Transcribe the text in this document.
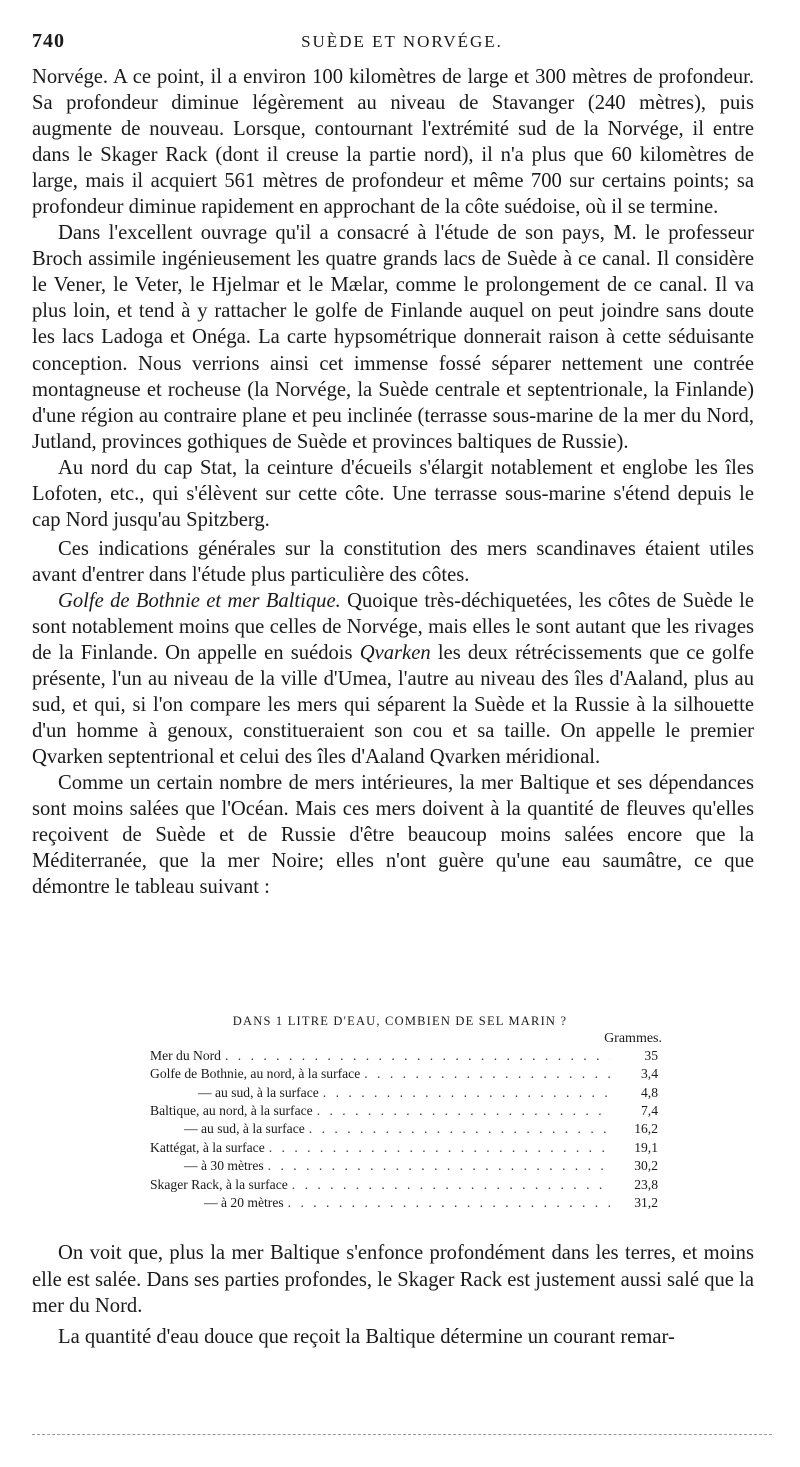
740	SUÈDE ET NORVÉGE.

Norvége. A ce point, il a environ 100 kilomètres de large et 300 mètres de profondeur. Sa profondeur diminue légèrement au niveau de Stavanger (240 mètres), puis augmente de nouveau. Lorsque, contournant l'extrémité sud de la Norvége, il entre dans le Skager Rack (dont il creuse la partie nord), il n'a plus que 60 kilomètres de large, mais il acquiert 561 mètres de profondeur et même 700 sur certains points; sa profondeur diminue rapidement en approchant de la côte suédoise, où il se termine.

Dans l'excellent ouvrage qu'il a consacré à l'étude de son pays, M. le professeur Broch assimile ingénieusement les quatre grands lacs de Suède à ce canal. Il considère le Vener, le Veter, le Hjelmar et le Mælar, comme le prolongement de ce canal. Il va plus loin, et tend à y rattacher le golfe de Finlande auquel on peut joindre sans doute les lacs Ladoga et Onéga. La carte hypsométrique donnerait raison à cette séduisante conception. Nous verrions ainsi cet immense fossé séparer nettement une contrée montagneuse et rocheuse (la Norvége, la Suède centrale et septentrionale, la Finlande) d'une région au contraire plane et peu inclinée (terrasse sous-marine de la mer du Nord, Jutland, provinces gothiques de Suède et provinces baltiques de Russie).

Au nord du cap Stat, la ceinture d'écueils s'élargit notablement et englobe les îles Lofoten, etc., qui s'élèvent sur cette côte. Une terrasse sous-marine s'étend depuis le cap Nord jusqu'au Spitzberg.

Ces indications générales sur la constitution des mers scandinaves étaient utiles avant d'entrer dans l'étude plus particulière des côtes.

Golfe de Bothnie et mer Baltique. Quoique très-déchiquetées, les côtes de Suède le sont notablement moins que celles de Norvége, mais elles le sont autant que les rivages de la Finlande. On appelle en suédois Qvarken les deux rétrécissements que ce golfe présente, l'un au niveau de la ville d'Umea, l'autre au niveau des îles d'Aaland, plus au sud, et qui, si l'on compare les mers qui séparent la Suède et la Russie à la silhouette d'un homme à genoux, constitueraient son cou et sa taille. On appelle le premier Qvarken septentrional et celui des îles d'Aaland Qvarken méridional.

Comme un certain nombre de mers intérieures, la mer Baltique et ses dépendances sont moins salées que l'Océan. Mais ces mers doivent à la quantité de fleuves qu'elles reçoivent de Suède et de Russie d'être beaucoup moins salées encore que la Méditerranée, que la mer Noire; elles n'ont guère qu'une eau saumâtre, ce que démontre le tableau suivant :

DANS 1 LITRE D'EAU, COMBIEN DE SEL MARIN ?
Grammes.
Mer du Nord . . .	35
Golfe de Bothnie, au nord, à la surface . . .	3,4
— au sud, à la surface . . .	4,8
Baltique, au nord, à la surface . . .	7,4
— au sud, à la surface . . .	16,2
Kattégat, à la surface . . .	19,1
— à 30 mètres . . .	30,2
Skager Rack, à la surface . . .	23,8
— à 20 mètres . . .	31,2

On voit que, plus la mer Baltique s'enfonce profondément dans les terres, et moins elle est salée. Dans ses parties profondes, le Skager Rack est justement aussi salé que la mer du Nord.

La quantité d'eau douce que reçoit la Baltique détermine un courant remar-
